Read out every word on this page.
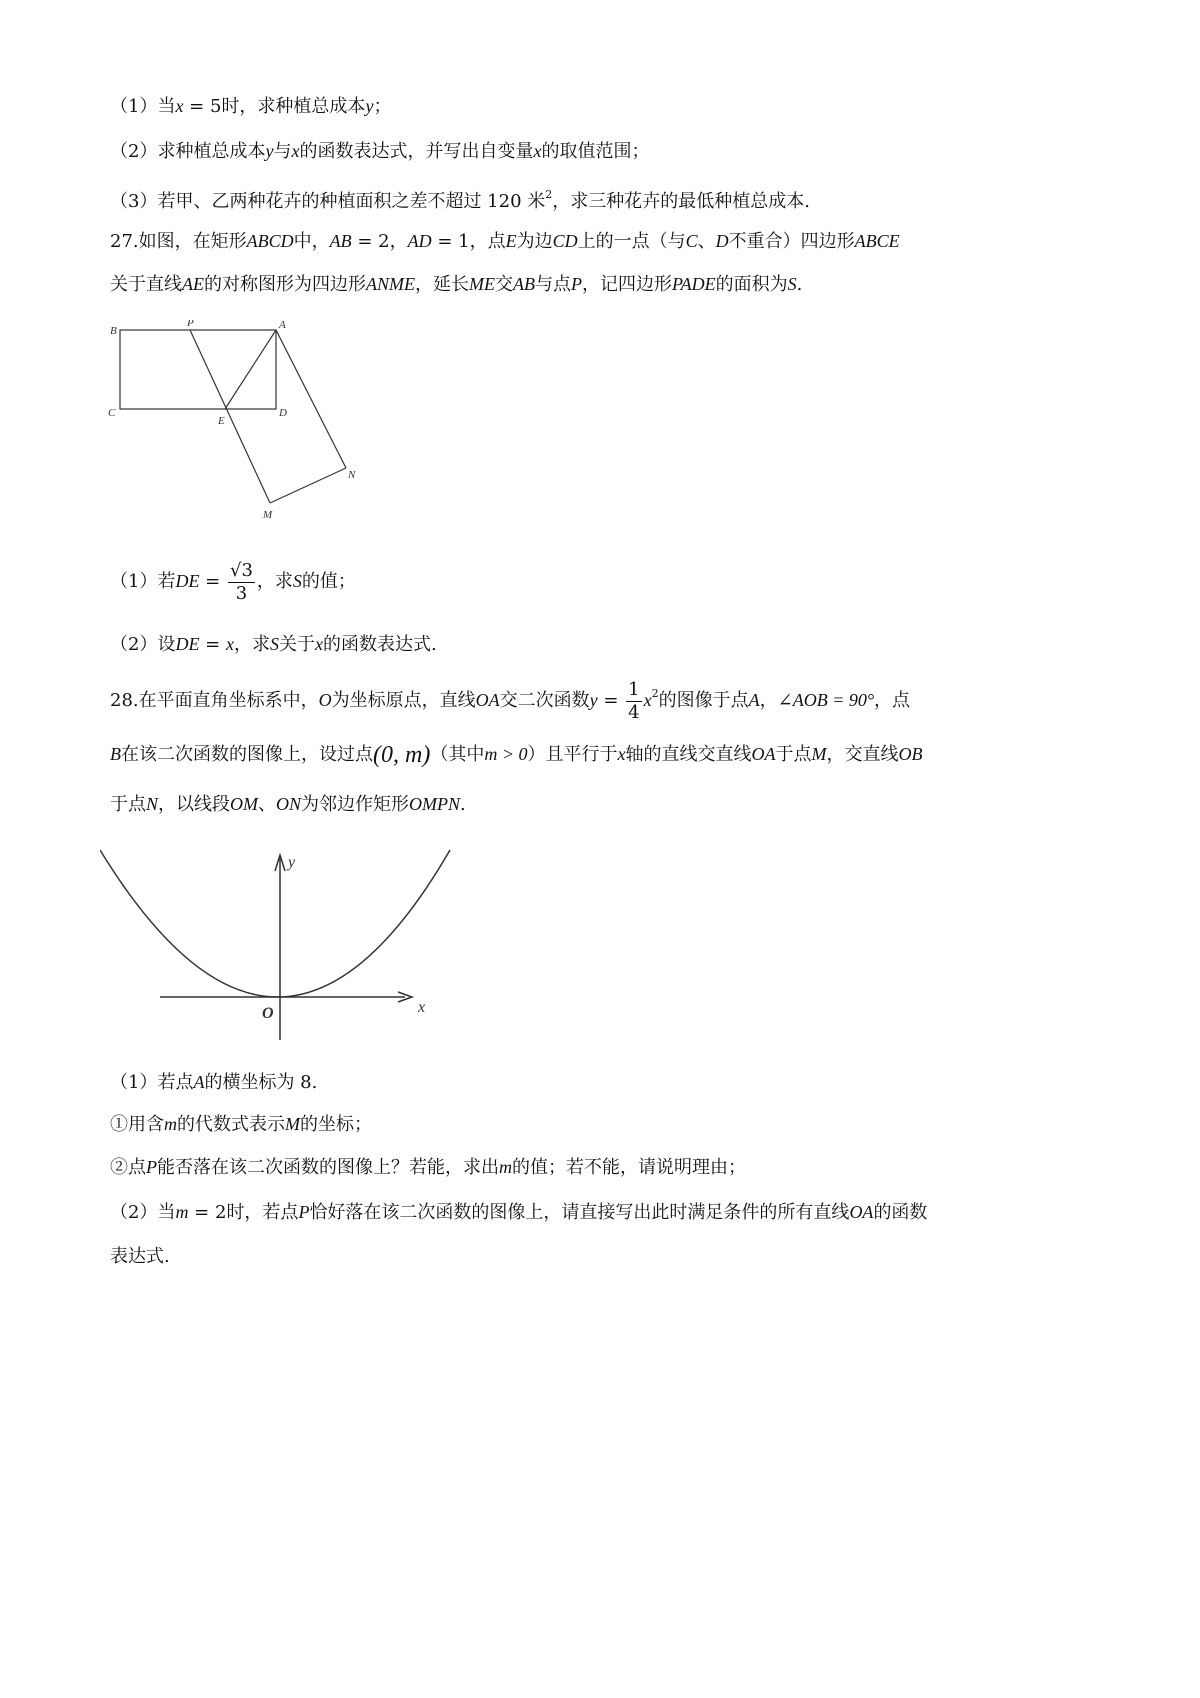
（1）当x = 5时，求种植总成本y；
（2）求种植总成本y与x的函数表达式，并写出自变量x的取值范围；
（3）若甲、乙两种花卉的种植面积之差不超过 120 米$^2$，求三种花卉的最低种植总成本.
27.如图，在矩形ABCD中，AB = 2，AD = 1，点E为边CD上的一点（与C、D不重合）四边形ABCE
关于直线AE的对称图形为四边形ANME，延长ME交AB与点P，记四边形PADE的面积为S.
B
P	A
C
E
D
N
M
（1）若DE = $\frac{√3}{3}$ ，求S的值；
（2）设DE = x，求S关于x的函数表达式.
28.在平面直角坐标系中，O为坐标原点，直线OA交二次函数$y = \frac{1}{4} x^2$的图像于点A，∠AOB = 90°，点
B在该二次函数的图像上，设过点(0, m)（其中m > 0）且平行于x轴的直线交直线OA于点M，交直线OB
于点N，以线段OM、ON为邻边作矩形OMPN.
y
x
O
（1）若点A的横坐标为 8.
①用含m的代数式表示M的坐标；
②点P能否落在该二次函数的图像上？若能，求出m的值；若不能，请说明理由；
（2）当m = 2时，若点P恰好落在该二次函数的图像上，请直接写出此时满足条件的所有直线OA的函数
表达式.
